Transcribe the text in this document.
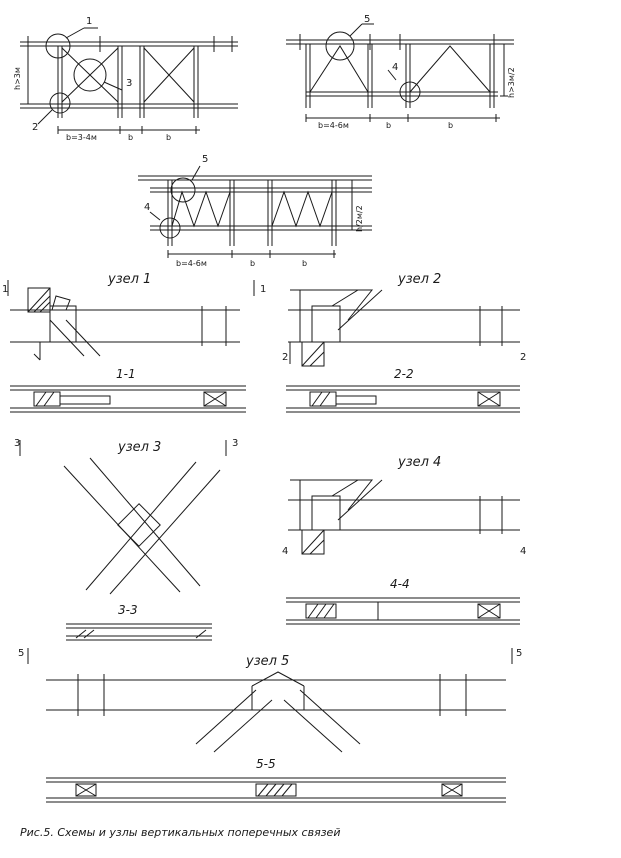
1
2
3
h>3м
b=3-4м	b	b
5
4	h>3м/2
b=4-6м	b	b
5
4	h/2м/2
b=4-6м	b	b
узел 1	узел 2
узел 3
узел 4
узел 5
1-1	2-2
3-3
4-4
5-5
1	1
2	2
3	3
4	4
5	5
Рис.5. Схемы и узлы вертикальных поперечных связей
